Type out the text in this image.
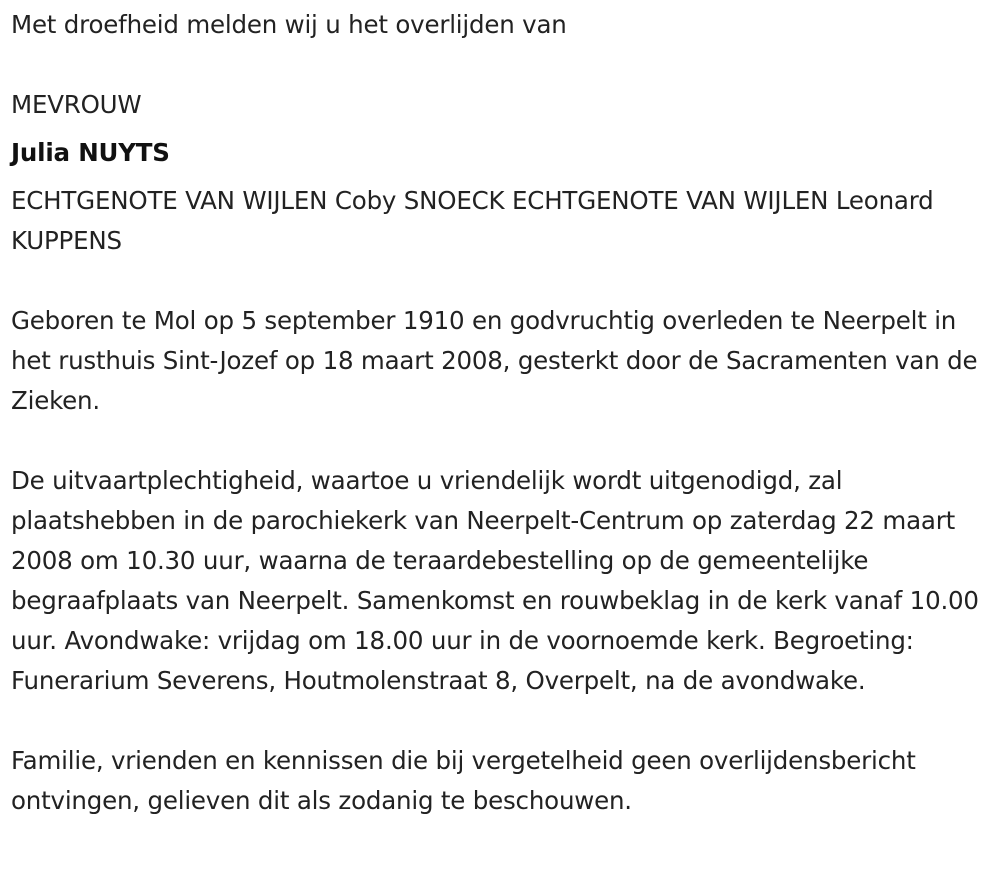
Met droefheid melden wij u het overlijden van

MEVROUW

Julia NUYTS

ECHTGENOTE VAN WIJLEN Coby SNOECK ECHTGENOTE VAN WIJLEN Leonard KUPPENS

Geboren te Mol op 5 september 1910 en godvruchtig overleden te Neerpelt in het rusthuis Sint-Jozef op 18 maart 2008, gesterkt door de Sacramenten van de Zieken.

De uitvaartplechtigheid, waartoe u vriendelijk wordt uitgenodigd, zal plaatshebben in de parochiekerk van Neerpelt-Centrum op zaterdag 22 maart 2008 om 10.30 uur, waarna de teraardebestelling op de gemeentelijke begraafplaats van Neerpelt. Samenkomst en rouwbeklag in de kerk vanaf 10.00 uur. Avondwake: vrijdag om 18.00 uur in de voornoemde kerk. Begroeting: Funerarium Severens, Houtmolenstraat 8, Overpelt, na de avondwake.

Familie, vrienden en kennissen die bij vergetelheid geen overlijdensbericht ontvingen, gelieven dit als zodanig te beschouwen.
